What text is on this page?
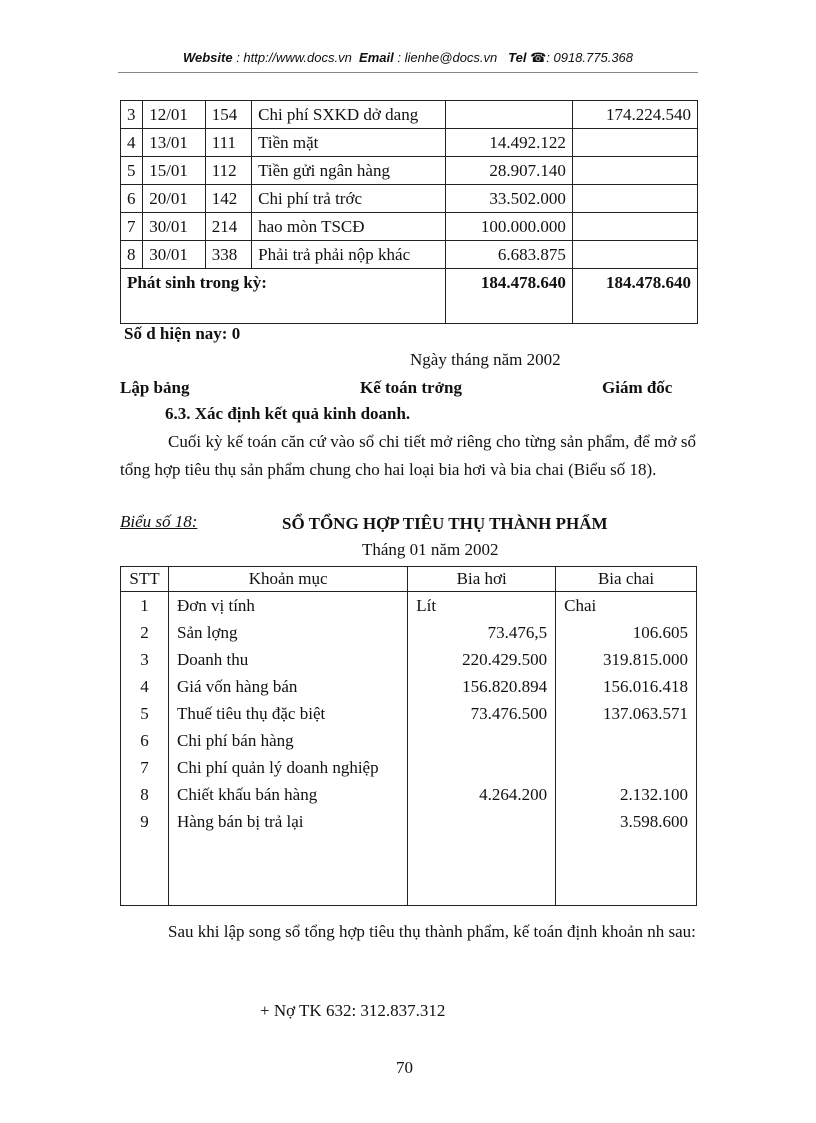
Website : http://www.docs.vn Email : lienhe@docs.vn Tel ☎: 0918.775.368
3	12/01	154	Chi phí SXKD dở dang		174.224.540
4	13/01	111	Tiền mặt	14.492.122	
5	15/01	112	Tiền gửi ngân hàng	28.907.140	
6	20/01	142	Chi phí trả trớc	33.502.000	
7	30/01	214	hao mòn TSCĐ	100.000.000	
8	30/01	338	Phải trả phải nộp khác	6.683.875	
Phát sinh trong kỳ:				184.478.640	184.478.640
Số d hiện nay: 0
Ngày tháng năm 2002
Lập bảng	Kế toán trởng	Giám đốc
6.3. Xác định kết quả kinh doanh.
Cuối kỳ kế toán căn cứ vào sổ chi tiết mở riêng cho từng sản phẩm, để mở sổ tổng hợp tiêu thụ sản phẩm chung cho hai loại bia hơi và bia chai (Biểu số 18).
Biểu số 18:	SỔ TỔNG HỢP TIÊU THỤ THÀNH PHẨM
Tháng 01 năm 2002
STT	Khoản mục	Bia hơi	Bia chai
1	Đơn vị tính	Lít	Chai
2	Sản lợng	73.476,5	106.605
3	Doanh thu	220.429.500	319.815.000
4	Giá vốn hàng bán	156.820.894	156.016.418
5	Thuế tiêu thụ đặc biệt	73.476.500	137.063.571
6	Chi phí bán hàng		
7	Chi phí quản lý doanh nghiệp		
8	Chiết khấu bán hàng	4.264.200	2.132.100
9	Hàng bán bị trả lại		3.598.600

Sau khi lập song sổ tổng hợp tiêu thụ thành phẩm, kế toán định khoản nh sau:
+ Nợ TK 632: 312.837.312
70
